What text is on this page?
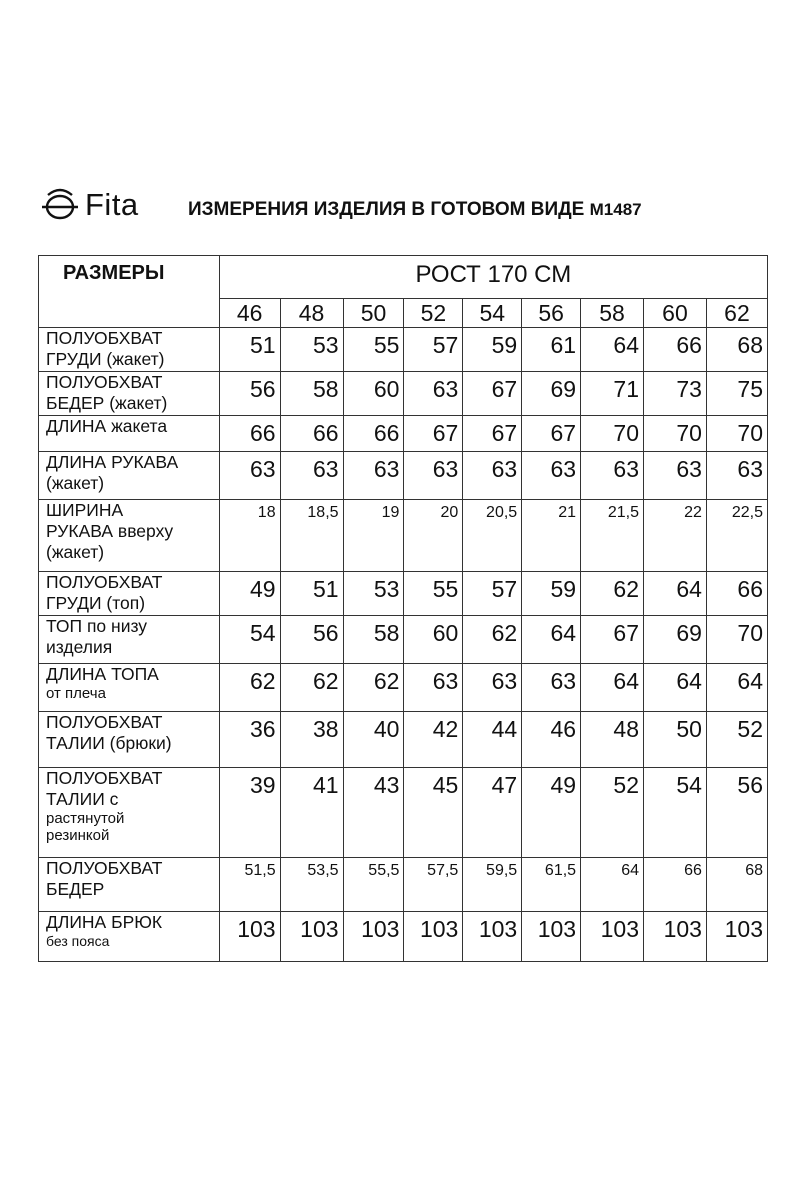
Fita	ИЗМЕРЕНИЯ ИЗДЕЛИЯ В ГОТОВОМ ВИДЕ М1487
РАЗМЕРЫ	РОСТ 170 СМ								
	46	48	50	52	54	56	58	60	62

ПОЛУОБХВАТ
ГРУДИ (жакет)	51	53	55	57	59	61	64	66	68

ПОЛУОБХВАТ
БЕДЕР (жакет)	56	58	60	63	67	69	71	73	75

ДЛИНА жакета	66	66	66	67	67	67	70	70	70

ДЛИНА РУКАВА
(жакет)	63	63	63	63	63	63	63	63	63

ШИРИНА
РУКАВА вверху
(жакет)	18	18,5	19	20	20,5	21	21,5	22	22,5

ПОЛУОБХВАТ
ГРУДИ (топ)	49	51	53	55	57	59	62	64	66

ТОП по низу
изделия	54	56	58	60	62	64	67	69	70

ДЛИНА ТОПА
от плеча	62	62	62	63	63	63	64	64	64

ПОЛУОБХВАТ
ТАЛИИ (брюки)	36	38	40	42	44	46	48	50	52

ПОЛУОБХВАТ
ТАЛИИ с
растянутой
резинкой	39	41	43	45	47	49	52	54	56

ПОЛУОБХВАТ
БЕДЕР	51,5	53,5	55,5	57,5	59,5	61,5	64	66	68

ДЛИНА БРЮК
без пояса	103	103	103	103	103	103	103	103	103
